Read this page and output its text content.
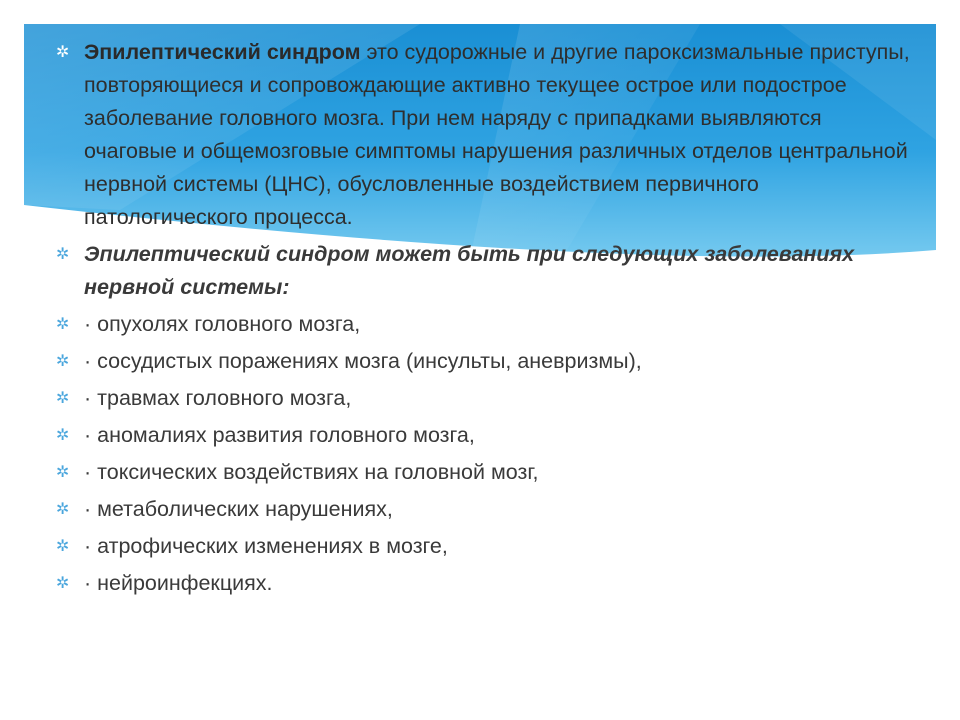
✲ Эпилептический синдром это судорожные и другие пароксизмальные приступы, повторяющиеся и сопровождающие активно текущее острое или подострое заболевание головного мозга. При нем наряду с припадками выявляются очаговые и общемозговые симптомы нарушения различных отделов центральной нервной системы (ЦНС), обусловленные воздействием первичного патологического процесса.
✲ Эпилептический синдром может быть при следующих заболеваниях нервной системы:
✲ · опухолях головного мозга,
✲ · сосудистых поражениях мозга (инсульты, аневризмы),
✲ · травмах головного мозга,
✲ · аномалиях развития головного мозга,
✲ · токсических воздействиях на головной мозг,
✲ · метаболических нарушениях,
✲ · атрофических изменениях в мозге,
✲ · нейроинфекциях.
